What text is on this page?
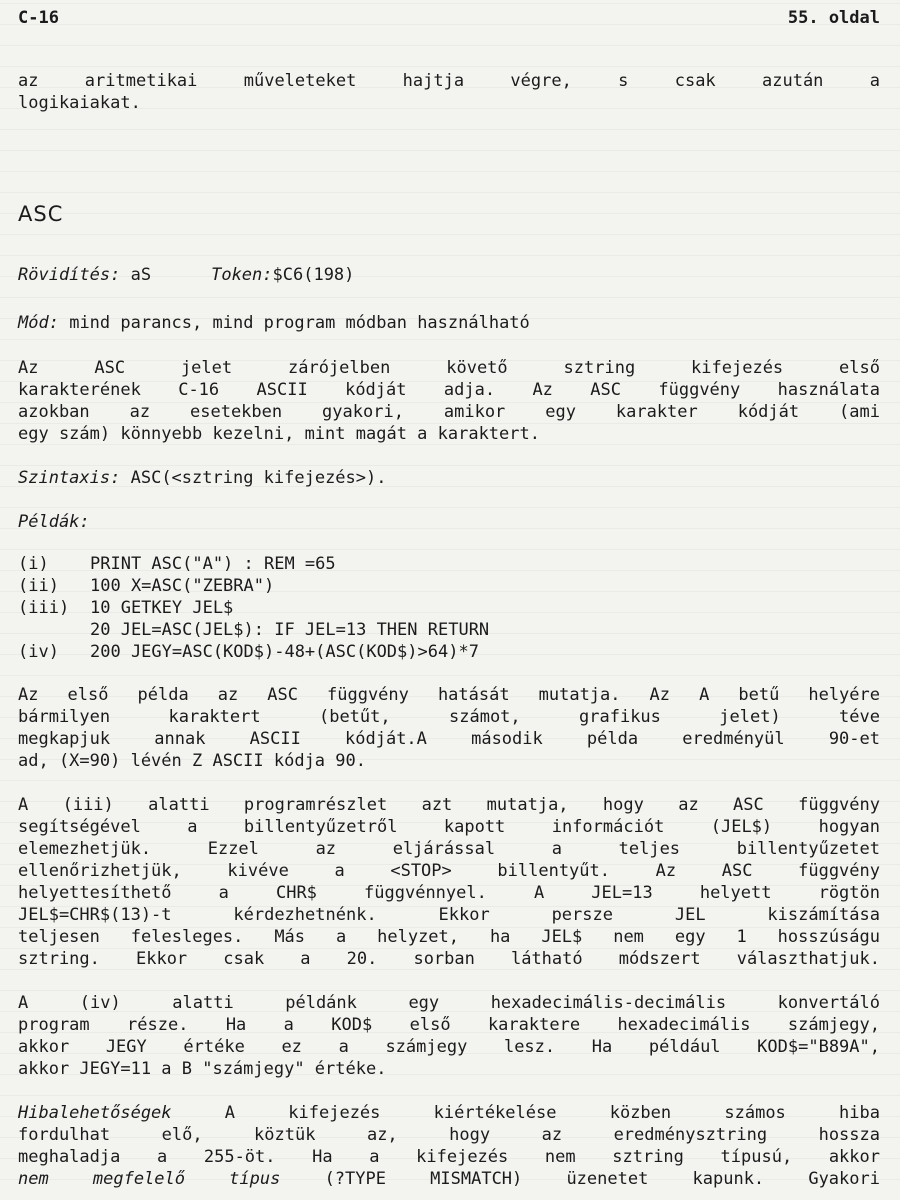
C-16	55. oldal
az aritmetikai műveleteket hajtja végre, s csak azután a
logikaiakat.
ASC
Rövidítés: aS	Token:$C6(198)
Mód: mind parancs, mind program módban használható
Az ASC jelet zárójelben követő sztring kifejezés első
karakterének C-16 ASCII kódját adja. Az ASC függvény használata
azokban az esetekben gyakori, amikor egy karakter kódját (ami
egy szám) könnyebb kezelni, mint magát a karaktert.
Szintaxis: ASC(<sztring kifejezés>).
Példák:
(i) PRINT ASC("A") : REM =65
(ii) 100 X=ASC("ZEBRA")
(iii) 10 GETKEY JEL$
20 JEL=ASC(JEL$): IF JEL=13 THEN RETURN
(iv) 200 JEGY=ASC(KOD$)-48+(ASC(KOD$)>64)*7
Az első példa az ASC függvény hatását mutatja. Az A betű helyére
bármilyen karaktert (betűt, számot, grafikus jelet) téve
megkapjuk annak ASCII kódját.A második példa eredményül 90-et
ad, (X=90) lévén Z ASCII kódja 90.
A (iii) alatti programrészlet azt mutatja, hogy az ASC függvény
segítségével a billentyűzetről kapott információt (JEL$) hogyan
elemezhetjük. Ezzel az eljárással a teljes billentyűzetet
ellenőrizhetjük, kivéve a <STOP> billentyűt. Az ASC függvény
helyettesíthető a CHR$ függvénnyel. A JEL=13 helyett rögtön
JEL$=CHR$(13)-t kérdezhetnénk. Ekkor persze JEL kiszámítása
teljesen felesleges. Más a helyzet, ha JEL$ nem egy 1 hosszúságu
sztring. Ekkor csak a 20. sorban látható módszert választhatjuk.
A (iv) alatti példánk egy hexadecimális-decimális konvertáló
program része. Ha a KOD$ első karaktere hexadecimális számjegy,
akkor JEGY értéke ez a számjegy lesz. Ha például KOD$="B89A",
akkor JEGY=11 a B "számjegy" értéke.
Hibalehetőségek	A kifejezés kiértékelése közben számos hiba
fordulhat elő, köztük az, hogy az eredménysztring hossza
meghaladja a 255-öt. Ha a kifejezés nem sztring típusú, akkor
nem megfelelő típus	(?TYPE MISMATCH) üzenetet kapunk. Gyakori
